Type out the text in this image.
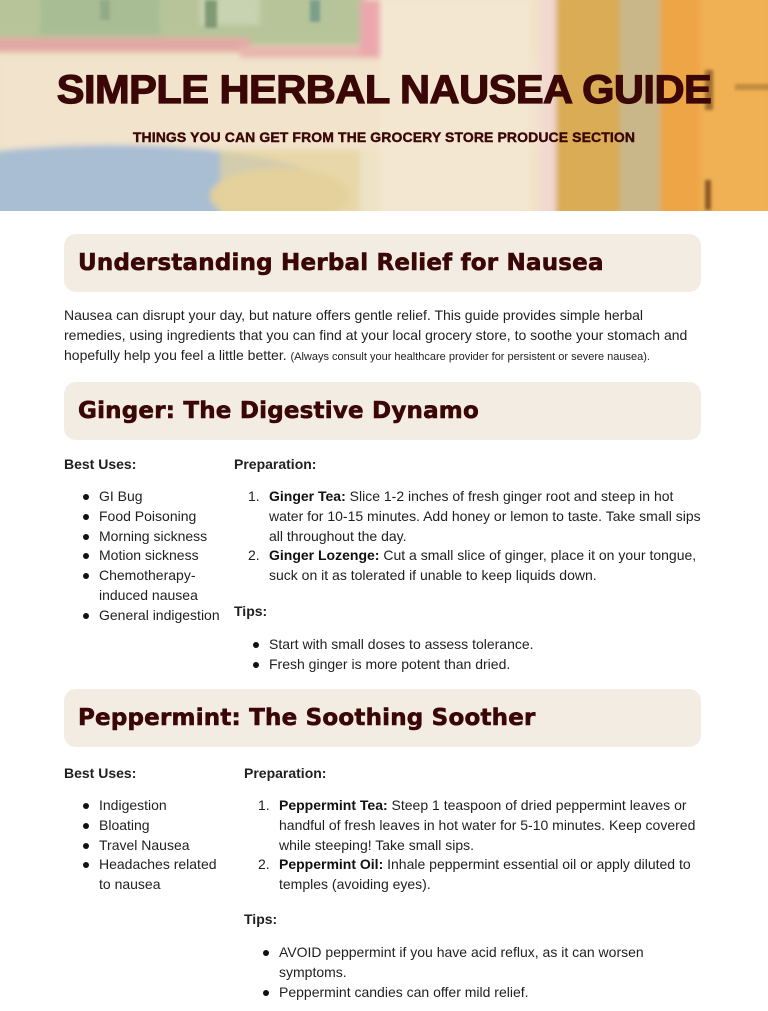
SIMPLE HERBAL NAUSEA GUIDE
THINGS YOU CAN GET FROM THE GROCERY STORE PRODUCE SECTION
Understanding Herbal Relief for Nausea

Nausea can disrupt your day, but nature offers gentle relief. This guide provides simple herbal remedies, using ingredients that you can find at your local grocery store, to soothe your stomach and hopefully help you feel a little better. (Always consult your healthcare provider for persistent or severe nausea).

Ginger: The Digestive Dynamo
Best Uses:
GI Bug
Food Poisoning
Morning sickness
Motion sickness
Chemotherapy-induced nausea
General indigestion
Preparation:
1. Ginger Tea: Slice 1-2 inches of fresh ginger root and steep in hot water for 10-15 minutes. Add honey or lemon to taste. Take small sips all throughout the day.
2. Ginger Lozenge: Cut a small slice of ginger, place it on your tongue, suck on it as tolerated if unable to keep liquids down.
Tips:
Start with small doses to assess tolerance.
Fresh ginger is more potent than dried.
Peppermint: The Soothing Soother
Best Uses:
Indigestion
Bloating
Travel Nausea
Headaches related to nausea
Preparation:
1. Peppermint Tea: Steep 1 teaspoon of dried peppermint leaves or handful of fresh leaves in hot water for 5-10 minutes. Keep covered while steeping! Take small sips.
2. Peppermint Oil: Inhale peppermint essential oil or apply diluted to temples (avoiding eyes).
Tips:
AVOID peppermint if you have acid reflux, as it can worsen symptoms.
Peppermint candies can offer mild relief.
